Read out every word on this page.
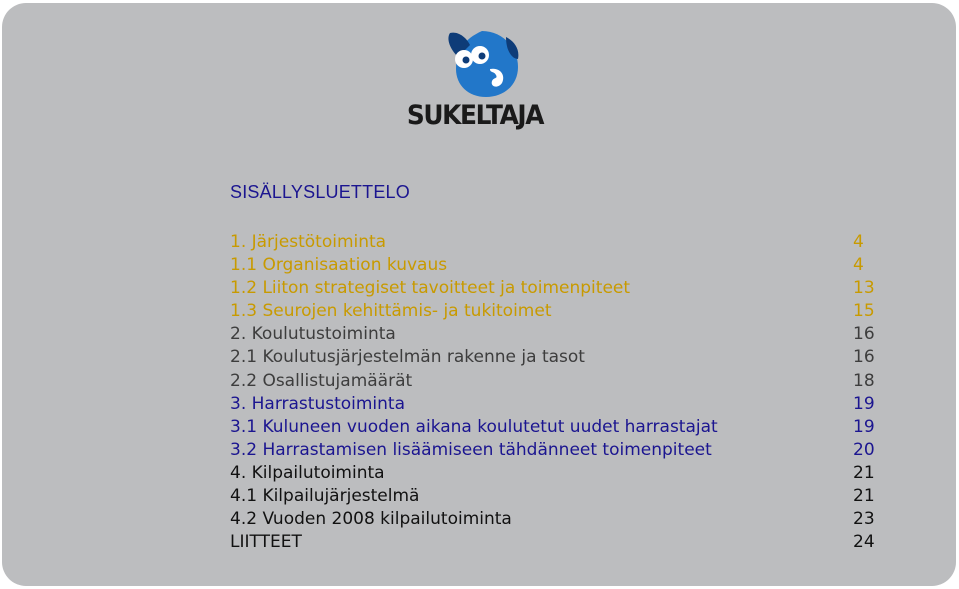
SUKELTAJA
SISÄLLYSLUETTELO
1. Järjestötoiminta	4
1.1 Organisaation kuvaus	4
1.2 Liiton strategiset tavoitteet ja toimenpiteet	13
1.3 Seurojen kehittämis- ja tukitoimet	15
2. Koulutustoiminta	16
2.1 Koulutusjärjestelmän rakenne ja tasot	16
2.2 Osallistujamäärät	18
3. Harrastustoiminta	19
3.1 Kuluneen vuoden aikana koulutetut uudet harrastajat	19
3.2 Harrastamisen lisäämiseen tähdänneet toimenpiteet	20
4. Kilpailutoiminta	21
4.1 Kilpailujärjestelmä	21
4.2 Vuoden 2008 kilpailutoiminta	23
LIITTEET	24
